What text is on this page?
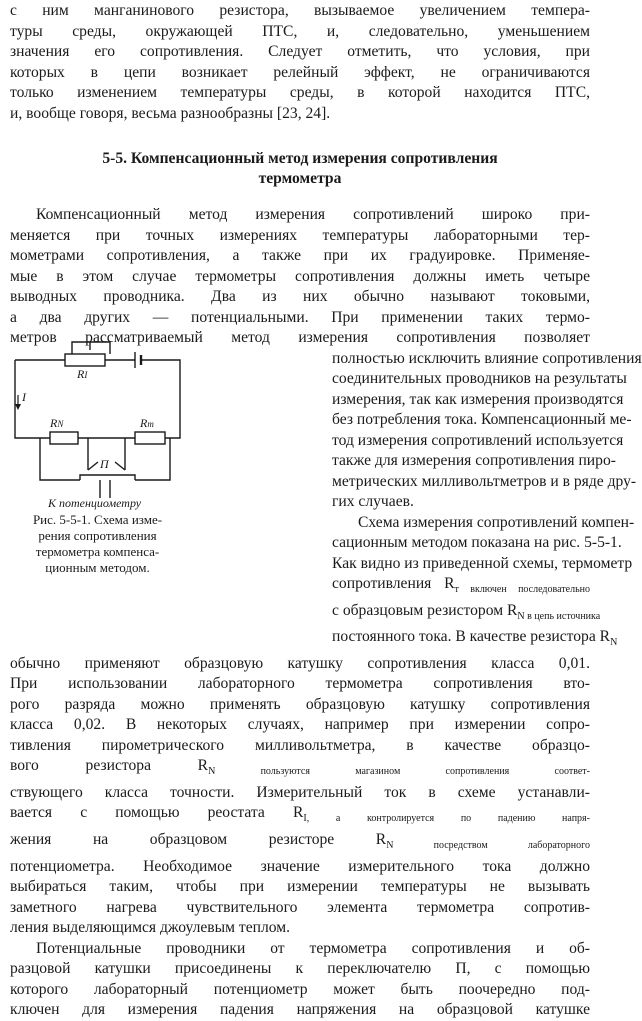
с ним манганинового резистора, вызываемое увеличением темпера-
туры среды, окружающей ПТС, и, следовательно, уменьшением
значения его сопротивления. Следует отметить, что условия, при
которых в цепи возникает релейный эффект, не ограничиваются
только изменением температуры среды, в которой находится ПТС,
и, вообще говоря, весьма разнообразны [23, 24].
5-5. Компенсационный метод измерения сопротивления
термометра
Компенсационный метод измерения сопротивлений широко при-
меняется при точных измерениях температуры лабораторными тер-
мометрами сопротивления, а также при их градуировке. Применяе-
мые в этом случае термометры сопротивления должны иметь четыре
выводных проводника. Два из них обычно называют токовыми,
а два других — потенциальными. При применении таких термо-
метров рассматриваемый метод измерения сопротивления позволяет
полностью исключить влияние сопротивления
соединительных проводников на результаты
измерения, так как измерения производятся
без потребления тока. Компенсационный ме-
тод измерения сопротивлений используется
также для измерения сопротивления пиро-
метрических милливольтметров и в ряде дру-
гих случаев.
Схема измерения сопротивлений компен-
сационным методом показана на рис. 5-5-1.
Как видно из приведенной схемы, термометр
сопротивления $R_{т включен последовательно}$
с образцовым резистором $R_{N в цепь источника}$
постоянного тока. В качестве резистора $R_N$
обычно применяют образцовую катушку сопротивления класса 0,01.
При использовании лабораторного термометра сопротивления вто-
рого разряда можно применять образцовую катушку сопротивления
класса 0,02. В некоторых случаях, например при измерении сопро-
тивления пирометрического милливольтметра, в качестве образцо-
вого резистора $R_{N пользуются магазином сопротивления соответ-}$
ствующего класса точности. Измерительный ток в схеме устанавли-
вается с помощью реостата $R_{I, а контролируется по падению напря-}$
жения на образцовом резисторе $R_{N посредством лабораторного}$
потенциометра. Необходимое значение измерительного тока должно
выбираться таким, чтобы при измерении температуры не вызывать
заметного нагрева чувствительного элемента термометра сопротив-
ления выделяющимся джоулевым теплом.
Потенциальные проводники от термометра сопротивления и об-
разцовой катушки присоединены к переключателю П, с помощью
которого лабораторный потенциометр может быть поочередно под-
ключен для измерения падения напряжения на образцовой катушке
RI
I
RN	Rт
П
К потенциометру
Рис. 5-5-1. Схема изме-
рения сопротивления
термометра компенса-
ционным методом.
